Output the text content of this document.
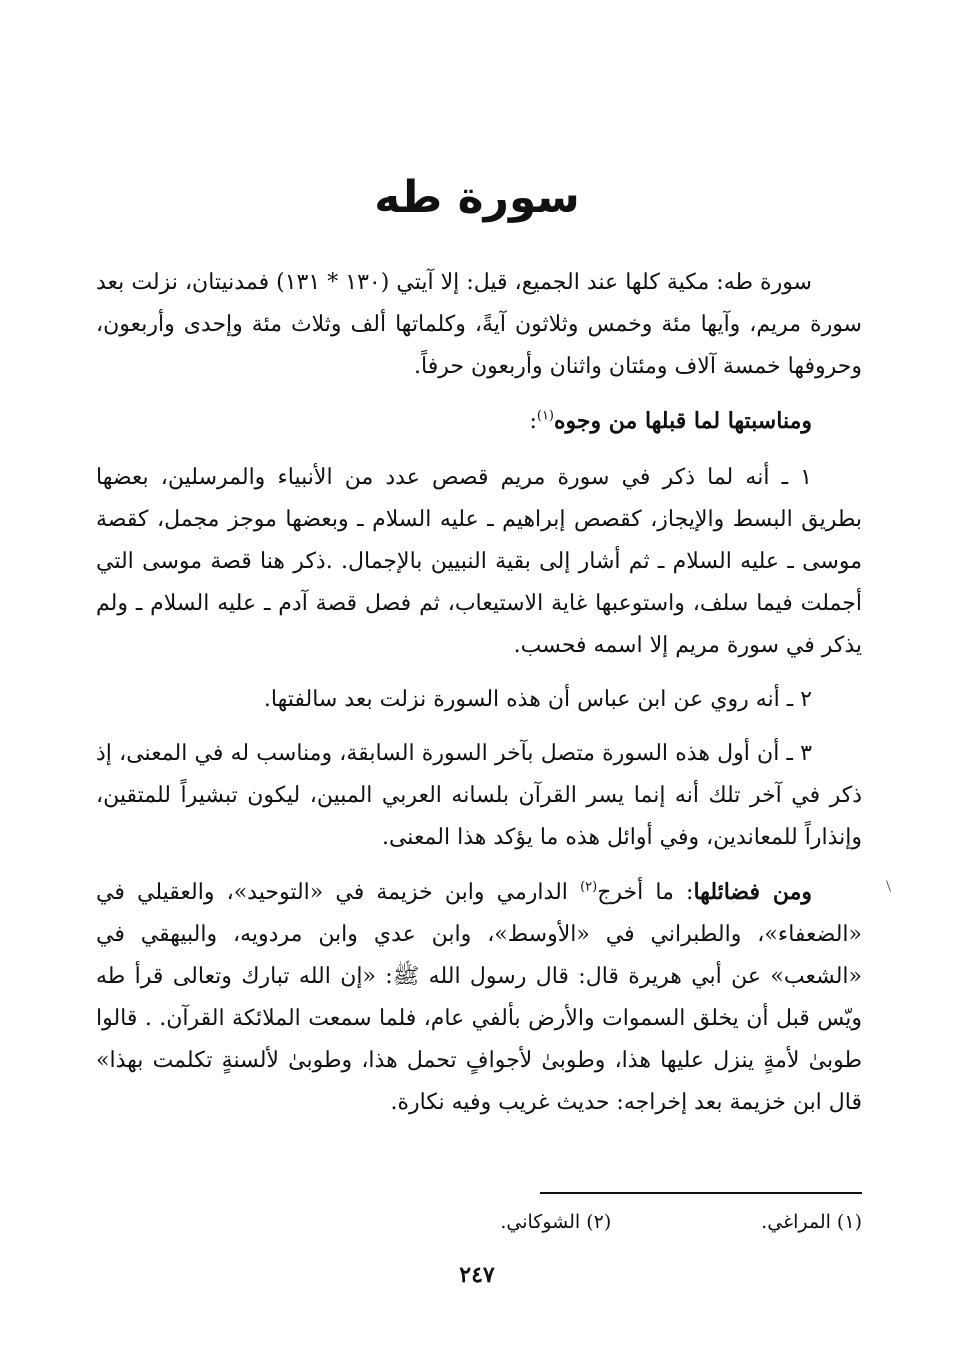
سورة طه

سورة طه: مكية كلها عند الجميع، قيل: إلا آيتي (١٣٠ * ١٣١) فمدنيتان، نزلت بعد سورة مريم، وآيها مئة وخمس وثلاثون آيةً، وكلماتها ألف وثلاث مئة وإحدى وأربعون، وحروفها خمسة آلاف ومئتان واثنان وأربعون حرفاً.

ومناسبتها لما قبلها من وجوه$^{(١)}$:

١ ـ أنه لما ذكر في سورة مريم قصص عدد من الأنبياء والمرسلين، بعضها بطريق البسط والإيجاز، كقصص إبراهيم ـ عليه السلام ـ وبعضها موجز مجمل، كقصة موسى ـ عليه السلام ـ ثم أشار إلى بقية النبيين بالإجمال. .ذكر هنا قصة موسى التي أجملت فيما سلف، واستوعبها غاية الاستيعاب، ثم فصل قصة آدم ـ عليه السلام ـ ولم يذكر في سورة مريم إلا اسمه فحسب.

٢ ـ أنه روي عن ابن عباس أن هذه السورة نزلت بعد سالفتها.

٣ ـ أن أول هذه السورة متصل بآخر السورة السابقة، ومناسب له في المعنى، إذ ذكر في آخر تلك أنه إنما يسر القرآن بلسانه العربي المبين، ليكون تبشيراً للمتقين، وإنذاراً للمعاندين، وفي أوائل هذه ما يؤكد هذا المعنى.

ومن فضائلها: ما أخرج$^{(٢)}$ الدارمي وابن خزيمة في «التوحيد»، والعقيلي في «الضعفاء»، والطبراني في «الأوسط»، وابن عدي وابن مردويه، والبيهقي في «الشعب» عن أبي هريرة قال: قال رسول الله ﷺ: «إن الله تبارك وتعالى قرأ طه ويّس قبل أن يخلق السموات والأرض بألفي عام، فلما سمعت الملائكة القرآن. . قالوا طوبىٰ لأمةٍ ينزل عليها هذا، وطوبىٰ لأجوافٍ تحمل هذا، وطوبىٰ لألسنةٍ تكلمت بهذا» قال ابن خزيمة بعد إخراجه: حديث غريب وفيه نكارة.

(١) المراغي.
(٢) الشوكاني.
٢٤٧
